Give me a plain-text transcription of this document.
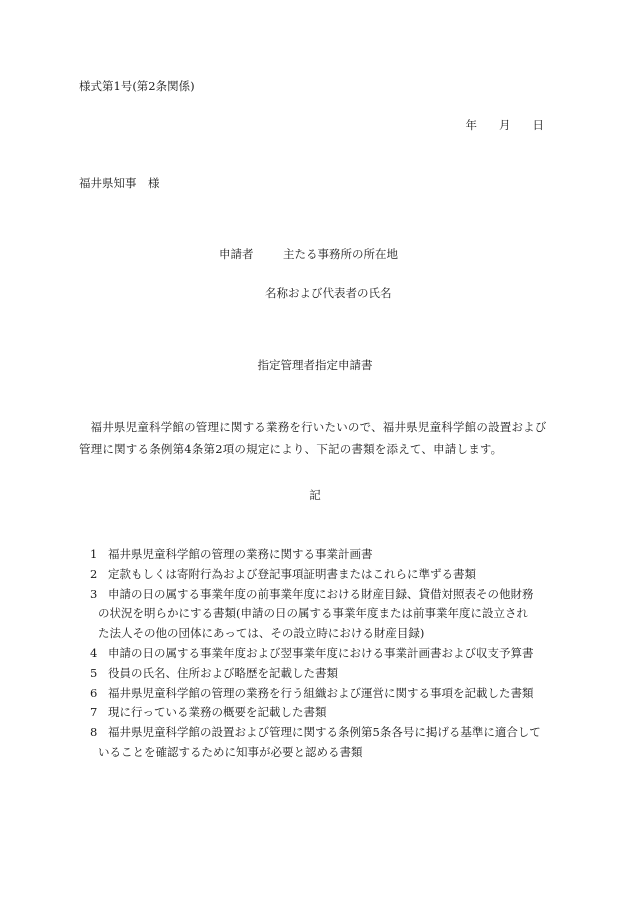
様式第1号(第2条関係)
年 月 日
福井県知事　様
申請者	主たる事務所の所在地
名称および代表者の氏名
指定管理者指定申請書
福井県児童科学館の管理に関する業務を行いたいので、福井県児童科学館の設置および管理に関する条例第4条第2項の規定により、下記の書類を添えて、申請します。
記
1 福井県児童科学館の管理の業務に関する事業計画書
2 定款もしくは寄附行為および登記事項証明書またはこれらに準ずる書類
3 申請の日の属する事業年度の前事業年度における財産目録、貸借対照表その他財務
の状況を明らかにする書類(申請の日の属する事業年度または前事業年度に設立され
た法人その他の団体にあっては、その設立時における財産目録)
4 申請の日の属する事業年度および翌事業年度における事業計画書および収支予算書
5 役員の氏名、住所および略歴を記載した書類
6 福井県児童科学館の管理の業務を行う組織および運営に関する事項を記載した書類
7 現に行っている業務の概要を記載した書類
8 福井県児童科学館の設置および管理に関する条例第5条各号に掲げる基準に適合して
いることを確認するために知事が必要と認める書類
